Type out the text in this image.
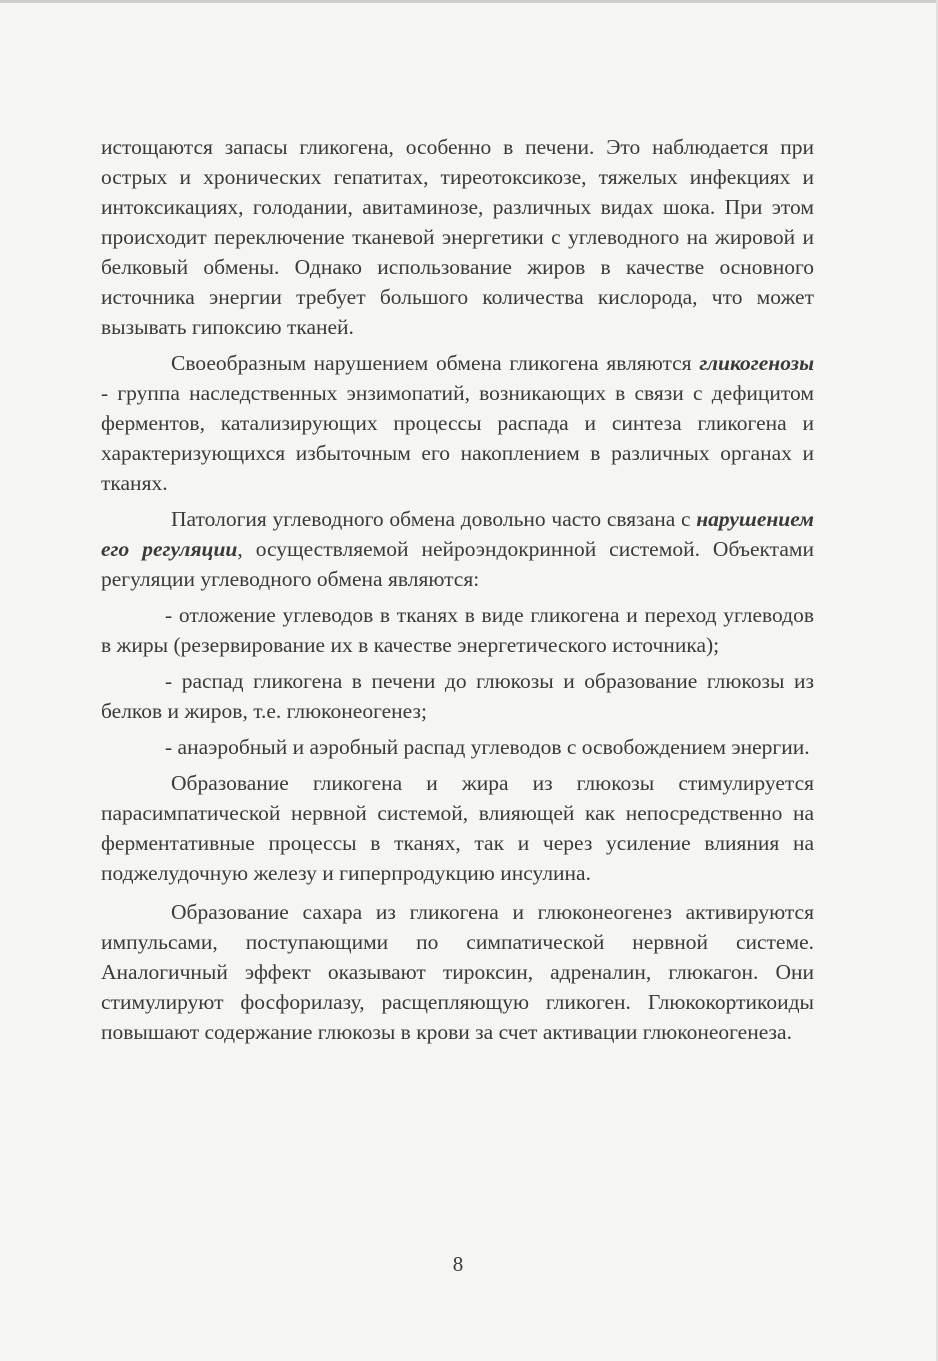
истощаются запасы гликогена, особенно в печени. Это наблюдается при острых и хронических гепатитах, тиреотоксикозе, тяжелых инфекциях и интоксикациях, голодании, авитаминозе, различных видах шока. При этом происходит переключение тканевой энергетики с углеводного на жировой и белковый обмены. Однако использование жиров в качестве основного источника энергии требует большого количества кислорода, что может вызывать гипоксию тканей.

Своеобразным нарушением обмена гликогена являются гликогенозы - группа наследственных энзимопатий, возникающих в связи с дефицитом ферментов, катализирующих процессы распада и синтеза гликогена и характеризующихся избыточным его накоплением в различных органах и тканях.

Патология углеводного обмена довольно часто связана с нарушением его регуляции, осуществляемой нейроэндокринной системой. Объектами регуляции углеводного обмена являются:

- отложение углеводов в тканях в виде гликогена и переход углеводов в жиры (резервирование их в качестве энергетического источника);

- распад гликогена в печени до глюкозы и образование глюкозы из белков и жиров, т.е. глюконеогенез;

- анаэробный и аэробный распад углеводов с освобождением энергии.

Образование гликогена и жира из глюкозы стимулируется парасимпатической нервной системой, влияющей как непосредственно на ферментативные процессы в тканях, так и через усиление влияния на поджелудочную железу и гиперпродукцию инсулина.

Образование сахара из гликогена и глюконеогенез активируются импульсами, поступающими по симпатической нервной системе. Аналогичный эффект оказывают тироксин, адреналин, глюкагон. Они стимулируют фосфорилазу, расщепляющую гликоген. Глюкокортикоиды повышают содержание глюкозы в крови за счет активации глюконеогенеза.

8
